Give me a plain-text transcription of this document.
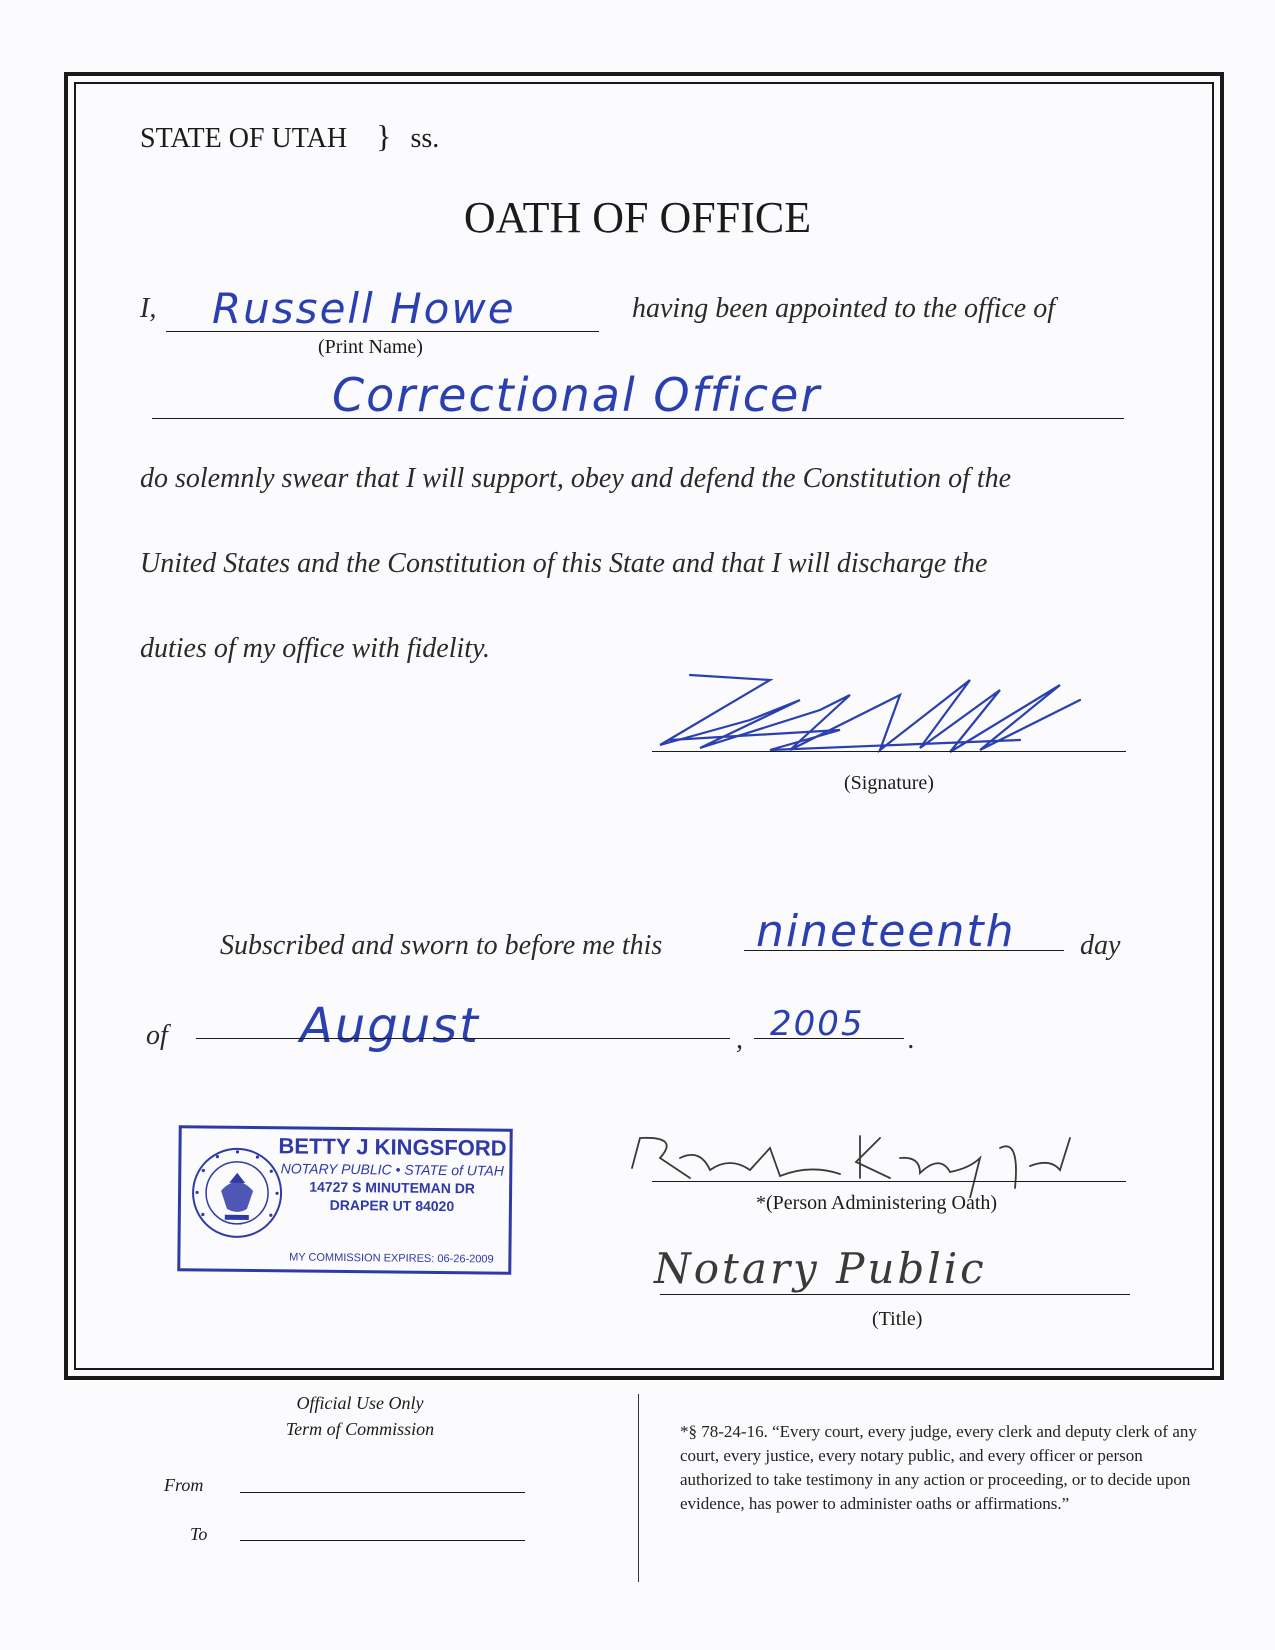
STATE OF UTAH } ss.
OATH OF OFFICE
I, Russell Howe
(Print Name)
having been appointed to the office of
Correctional Officer
do solemnly swear that I will support, obey and defend the Constitution of the
United States and the Constitution of this State and that I will discharge the
duties of my office with fidelity.
(Signature)
Subscribed and sworn to before me this nineteenth day
of	August	, 2005 .
BETTY J KINGSFORD
NOTARY PUBLIC • STATE of UTAH
14727 S MINUTEMAN DR
DRAPER UT 84020
MY COMMISSION EXPIRES: 06-26-2009
*(Person Administering Oath)
Notary Public
(Title)
Official Use Only
Term of Commission
From
To
*§ 78-24-16. “Every court, every judge, every clerk and deputy clerk of any court, every justice, every notary public, and every officer or person authorized to take testimony in any action or proceeding, or to decide upon evidence, has power to administer oaths or affirmations.”
